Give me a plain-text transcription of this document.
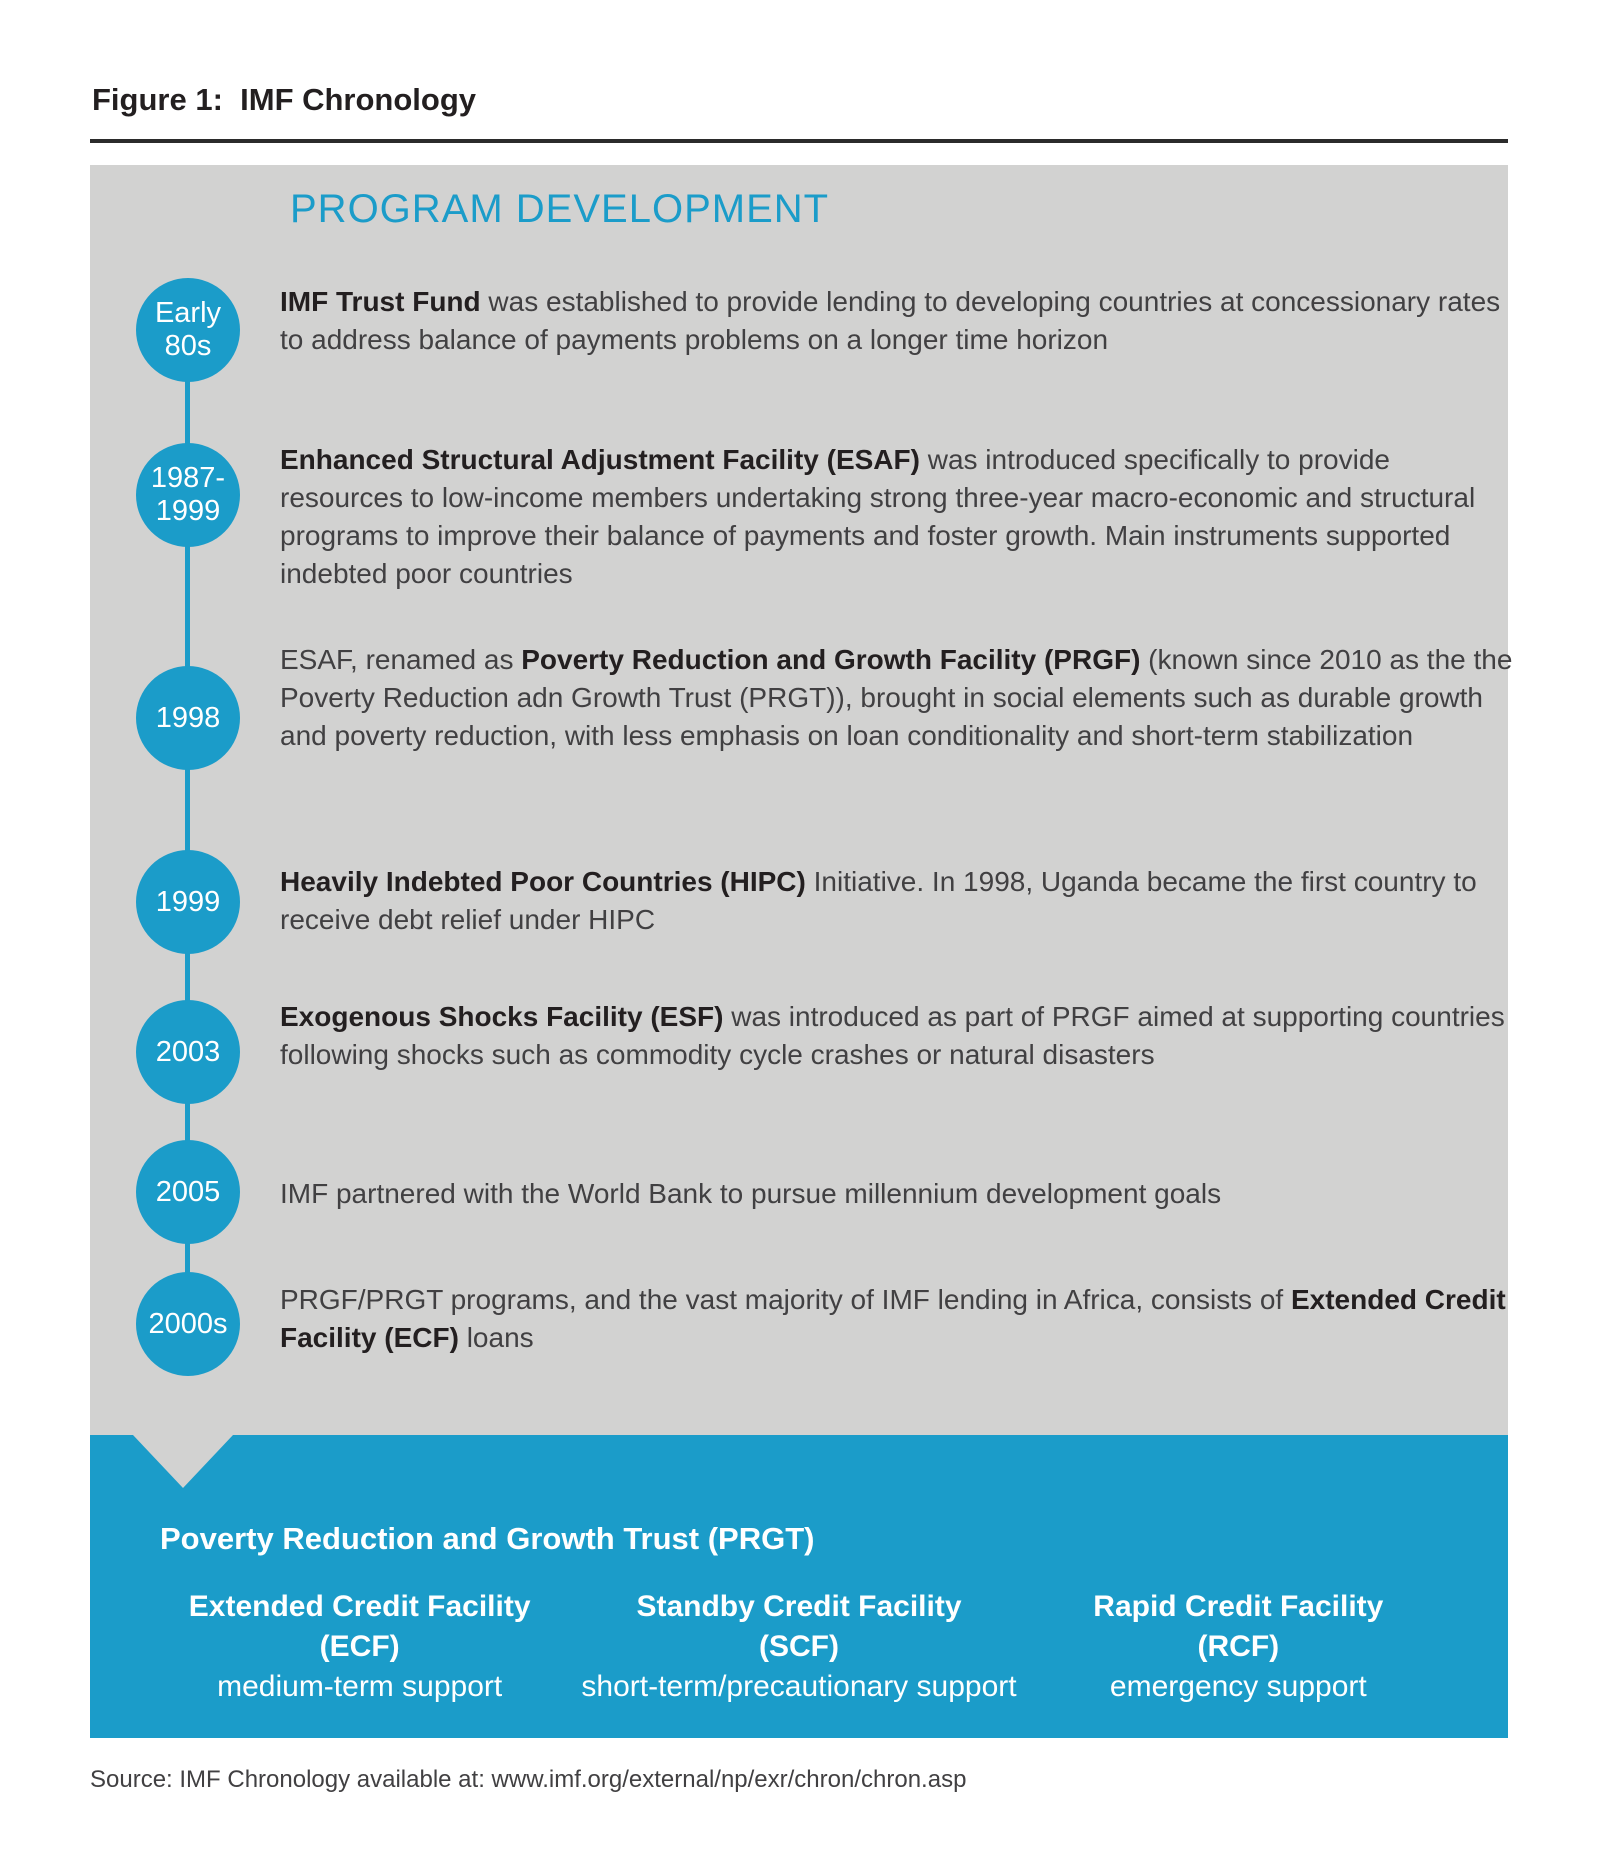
Figure 1:  IMF Chronology
PROGRAM DEVELOPMENT
Early
80s

IMF Trust Fund was established to provide lending to developing countries at concessionary rates to address balance of payments problems on a longer time horizon

1987-
1999

Enhanced Structural Adjustment Facility (ESAF) was introduced specifically to provide resources to low-income members undertaking strong three-year macro-economic and structural programs to improve their balance of payments and foster growth. Main instruments supported indebted poor countries

1998

ESAF, renamed as Poverty Reduction and Growth Facility (PRGF) (known since 2010 as the the Poverty Reduction adn Growth Trust (PRGT)), brought in social elements such as durable growth and poverty reduction, with less emphasis on loan conditionality and short-term stabilization

1999

Heavily Indebted Poor Countries (HIPC) Initiative. In 1998, Uganda became the first country to receive debt relief under HIPC

2003

Exogenous Shocks Facility (ESF) was introduced as part of PRGF aimed at supporting countries following shocks such as commodity cycle crashes or natural disasters

2005 IMF partnered with the World Bank to pursue millennium development goals

2000s

PRGF/PRGT programs, and the vast majority of IMF lending in Africa, consists of Extended Credit Facility (ECF) loans

Poverty Reduction and Growth Trust (PRGT)
Extended Credit Facility
(ECF)
medium-term support
Standby Credit Facility
(SCF)
short-term/precautionary support
Rapid Credit Facility
(RCF)
emergency support
Source: IMF Chronology available at: www.imf.org/external/np/exr/chron/chron.asp
